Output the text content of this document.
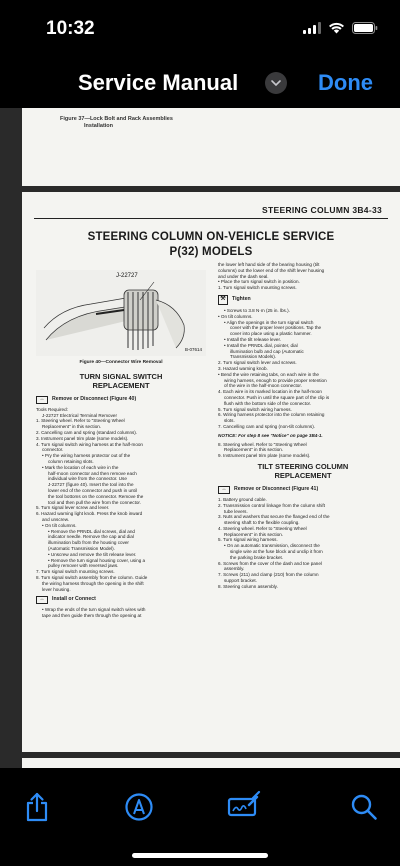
10:32
Service Manual	Done
Figure 37—Lock Bolt and Rack Assemblies
Installation
STEERING COLUMN 3B4-33
STEERING COLUMN ON-VEHICLE SERVICE
P(32) MODELS
J-22727
B-07614
Figure 40—Connector Wire Removal
TURN SIGNAL SWITCH
REPLACEMENT
↔	Remove or Disconnect (Figure 40)
Tools Required:
J-22727 Electrical Terminal Remover
1. Steering wheel. Refer to "Steering Wheel
Replacement" in this section.
2. Cancelling cam and spring (standard columns).
3. Instrument panel trim plate (some models).
4. Turn signal switch wiring harness at the half-moon
connector.
• Pry the wiring harness protector out of the
column retaining slots.
• Mark the location of each wire in the
half-moon connector and then remove each
individual wire from the connector. Use
J-22727 (figure 40). Insert the tool into the
lower end of the connector and push in until
the tool bottoms on the connector. Remove the
tool and then pull the wire from the connector.
5. Turn signal lever screw and lever.
6. Hazard warning light knob. Press the knob inward
and unscrew.
• On tilt columns.
• Remove the PRNDL dial screws, dial and
indicator needle. Remove the cap and dial
illumination bulb from the housing cover
(Automatic Transmission Model).
• Unscrew and remove the tilt release lever.
• Remove the turn signal housing cover, using a
pulley remover with reversed jaws.
7. Turn signal switch mounting screws.
8. Turn signal switch assembly from the column. Guide
the wiring harness through the opening in the shift
lever housing.
↔	Install or Connect
• Wrap the ends of the turn signal switch wires with
tape and then guide them through the opening at
the lower left hand side of the bearing housing (tilt
columns) out the lower end of the shift lever housing
and under the dash seal.
• Place the turn signal switch in position.
1. Turn signal switch mounting screws.
⚒	Tighten
• Screws to 3.8 N·m (25 in. lbs.).
• On tilt columns.
• Align the openings in the turn signal switch
cover with the proper lever positions. Tap the
cover into place using a plastic hammer.
• Install the tilt release lever.
• Install the PRNDL dial, pointer, dial
illumination bulb and cap (Automatic
Transmission Models).
2. Turn signal switch lever and screws.
3. Hazard warning knob.
• Bend the wire retaining tabs, on each wire in the
wiring harness, enough to provide proper retention
of the wire in the half-moon connector.
4. Each wire in its marked location in the half-moon
connector. Push in until the square part of the clip is
flush with the bottom side of the connector.
5. Turn signal switch wiring harness.
6. Wiring harness protector into the column retaining
slots.
7. Cancelling cam and spring (non-tilt columns).
NOTICE: For step 8 see "Notice" on page 3B4-1.
8. Steering wheel. Refer to "Steering Wheel
Replacement" in this section.
9. Instrument panel trim plate (some models).
TILT STEERING COLUMN
REPLACEMENT
↔	Remove or Disconnect (Figure 41)
1. Battery ground cable.
2. Transmission control linkage from the column shift
tube levers.
3. Nuts and washers that secure the flanged end of the
steering shaft to the flexible coupling.
4. Steering wheel. Refer to "Steering Wheel
Replacement" in this section.
5. Turn signal wiring harness.
• On an automatic transmission, disconnect the
single wire at the fuse block and unclip it from
the parking brake bracket.
6. Screws from the cover of the dash and toe panel
assembly.
7. Screws (211) and clamp (210) from the column
support bracket.
8. Steering column assembly.
